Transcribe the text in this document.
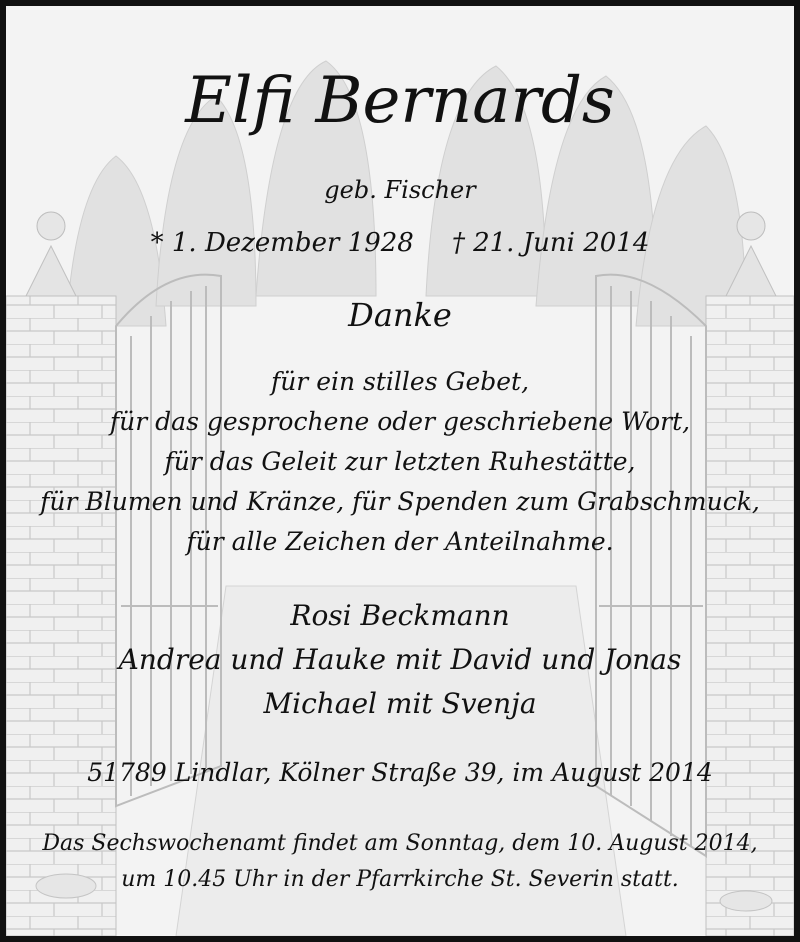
Elfi Bernards
geb. Fischer
* 1. Dezember 1928 † 21. Juni 2014
Danke
für ein stilles Gebet,
für das gesprochene oder geschriebene Wort,
für das Geleit zur letzten Ruhestätte,
für Blumen und Kränze, für Spenden zum Grabschmuck,
für alle Zeichen der Anteilnahme.
Rosi Beckmann
Andrea und Hauke mit David und Jonas
Michael mit Svenja
51789 Lindlar, Kölner Straße 39, im August 2014
Das Sechswochenamt findet am Sonntag, dem 10. August 2014,
um 10.45 Uhr in der Pfarrkirche St. Severin statt.
